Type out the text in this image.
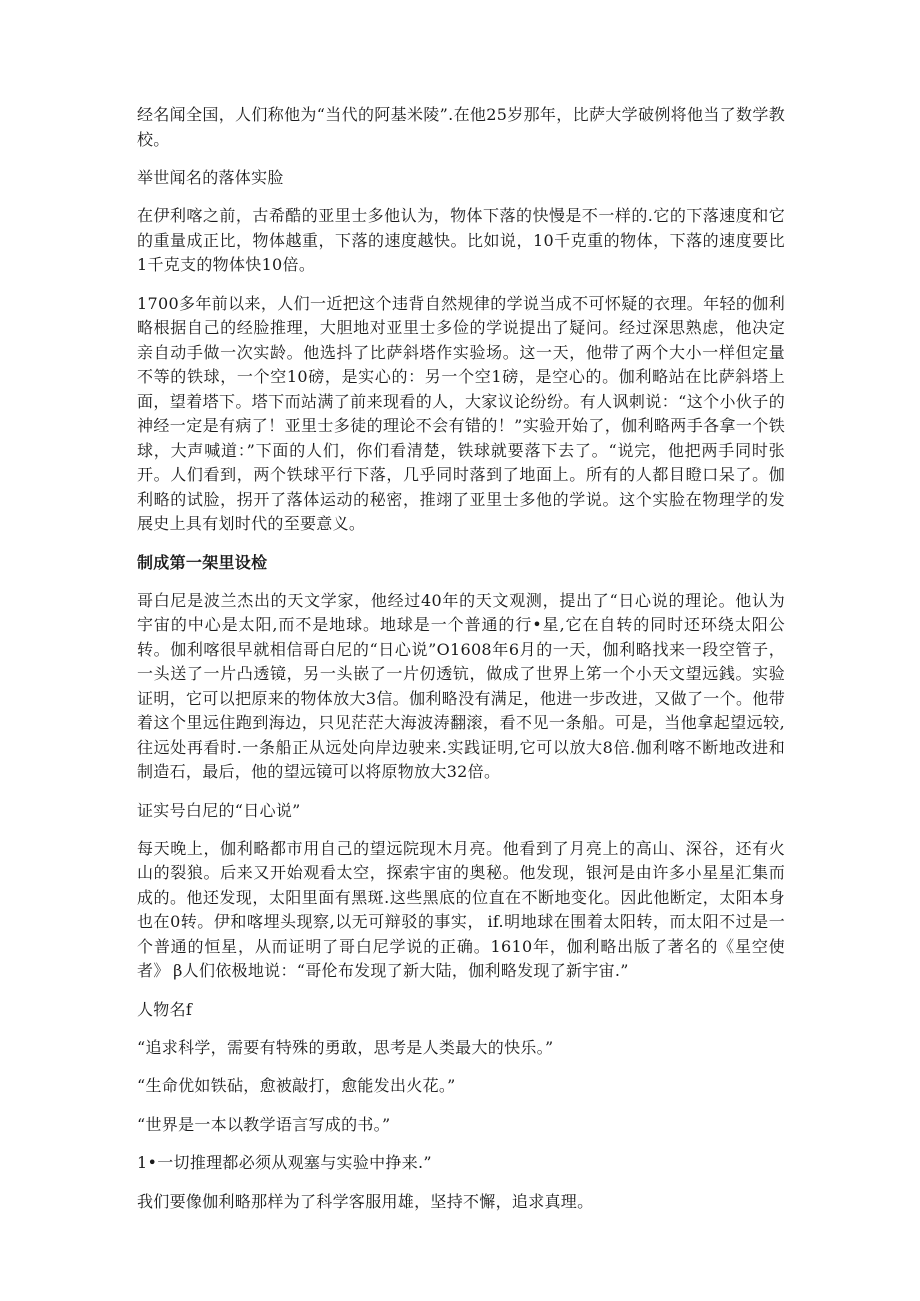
经名闻全国，人们称他为“当代的阿基米陵”.在他25岁那年，比萨大学破例将他当了数学教校。

举世闻名的落体实脸

在伊利喀之前，古希酷的亚里士多他认为，物体下落的快慢是不一样的.它的下落速度和它的重量成正比，物体越重，下落的速度越快。比如说，10千克重的物体，下落的速度要比1千克支的物体快10倍。

1700多年前以来，人们一近把这个违背自然规律的学说当成不可怀疑的衣理。年轻的伽利略根据自己的经脸推理，大胆地对亚里士多俭的学说提出了疑问。经过深思熟虑，他决定亲自动手做一次实龄。他选抖了比萨斜塔作实验场。这一天，他带了两个大小一样但定量不等的铁球，一个空10磅，是实心的：另一个空1磅，是空心的。伽利略站在比萨斜塔上面，望着塔下。塔下而站满了前来现看的人，大家议论纷纷。有人讽刺说：“这个小伙子的神经一定是有病了！亚里士多徒的理论不会有错的！”实验开始了，伽利略两手各拿一个铁球，大声喊道：”下面的人们，你们看清楚，铁球就要落下去了。“说完，他把两手同时张开。人们看到，两个铁球平行下落，几乎同时落到了地面上。所有的人都目瞪口呆了。伽利略的试脸，拐开了落体运动的秘密，推翊了亚里士多他的学说。这个实脸在物理学的发展史上具有划时代的至要意义。

制成第一架里设检

哥白尼是波兰杰出的天文学家，他经过40年的天文观测，提出了“日心说的理论。他认为宇宙的中心是太阳,而不是地球。地球是一个普通的行•星,它在自转的同时还环绕太阳公转。伽利喀很早就相信哥白尼的“日心说”O1608年6月的一天，伽利略找来一段空管子，一头送了一片凸透镜，另一头嵌了一片仞透钪，做成了世界上笫一个小天文望远銭。实验证明，它可以把原来的物体放大3信。伽利略没有满足，他进一步改进，又做了一个。他带着这个里远住跑到海边，只见茫茫大海波涛翻滚，看不见一条船。可是，当他拿起望远较,往远处再看时.一条船正从远处向岸边驶来.实践证明,它可以放大8倍.伽利喀不断地改进和制造石，最后，他的望远镜可以将原物放大32倍。

证实号白尼的“日心说”

每天晚上，伽利略都市用自己的望远院现木月亮。他看到了月亮上的高山、深谷，还有火山的裂狼。后来又开始观看太空，探索宇宙的奥秘。他发现，银河是由许多小星星汇集而成的。他还发现，太阳里面有黑斑.这些黑底的位直在不断地变化。因此他断定，太阳本身也在0转。伊和喀埋头现察,以无可辩驳的事实， if.明地球在围着太阳转，而太阳不过是一个普通的恒星，从而证明了哥白尼学说的正确。1610年，伽利略出版了著名的《星空使者》 β人们依极地说：“哥伦布发现了新大陆，伽利略发现了新宇宙.”

人物名f

“追求科学，需要有特殊的勇敢，思考是人类最大的快乐。”

“生命优如铁砧，愈被敲打，愈能发出火花。”

“世界是一本以教学语言写成的书。”

1•一切推理都必须从观塞与实验中挣来.”

我们要像伽利略那样为了科学客服用雄，坚持不懈，追求真理。
